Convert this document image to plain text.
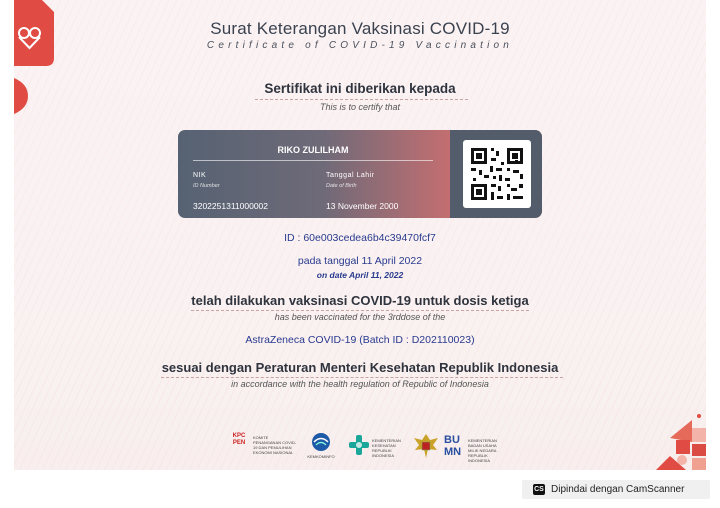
Surat Keterangan Vaksinasi COVID-19
Certificate of COVID-19 Vaccination
Sertifikat ini diberikan kepada
This is to certify that
RIKO ZULILHAM
NIK
ID Number
3202251311000002
Tanggal Lahir
Date of Birth
13 November 2000
ID : 60e003cedea6b4c39470fcf7
pada tanggal 11 April 2022
on date April 11, 2022
telah dilakukan vaksinasi COVID-19 untuk dosis ketiga
has been vaccinated for the 3rddose of the
AstraZeneca COVID-19 (Batch ID : D202110023)
sesuai dengan Peraturan Menteri Kesehatan Republik Indonesia
in accordance with the health regulation of Republic of Indonesia
KPC PEN
KOMITE PENANGANAN COVID-19 DAN PEMULIHAN EKONOMI NASIONAL
KEMKOMINFO
KEMENTERIAN KESEHATAN REPUBLIK INDONESIA
BUMN
KEMENTERIAN BADAN USAHA MILIK NEGARA REPUBLIK INDONESIA
CS Dipindai dengan CamScanner
